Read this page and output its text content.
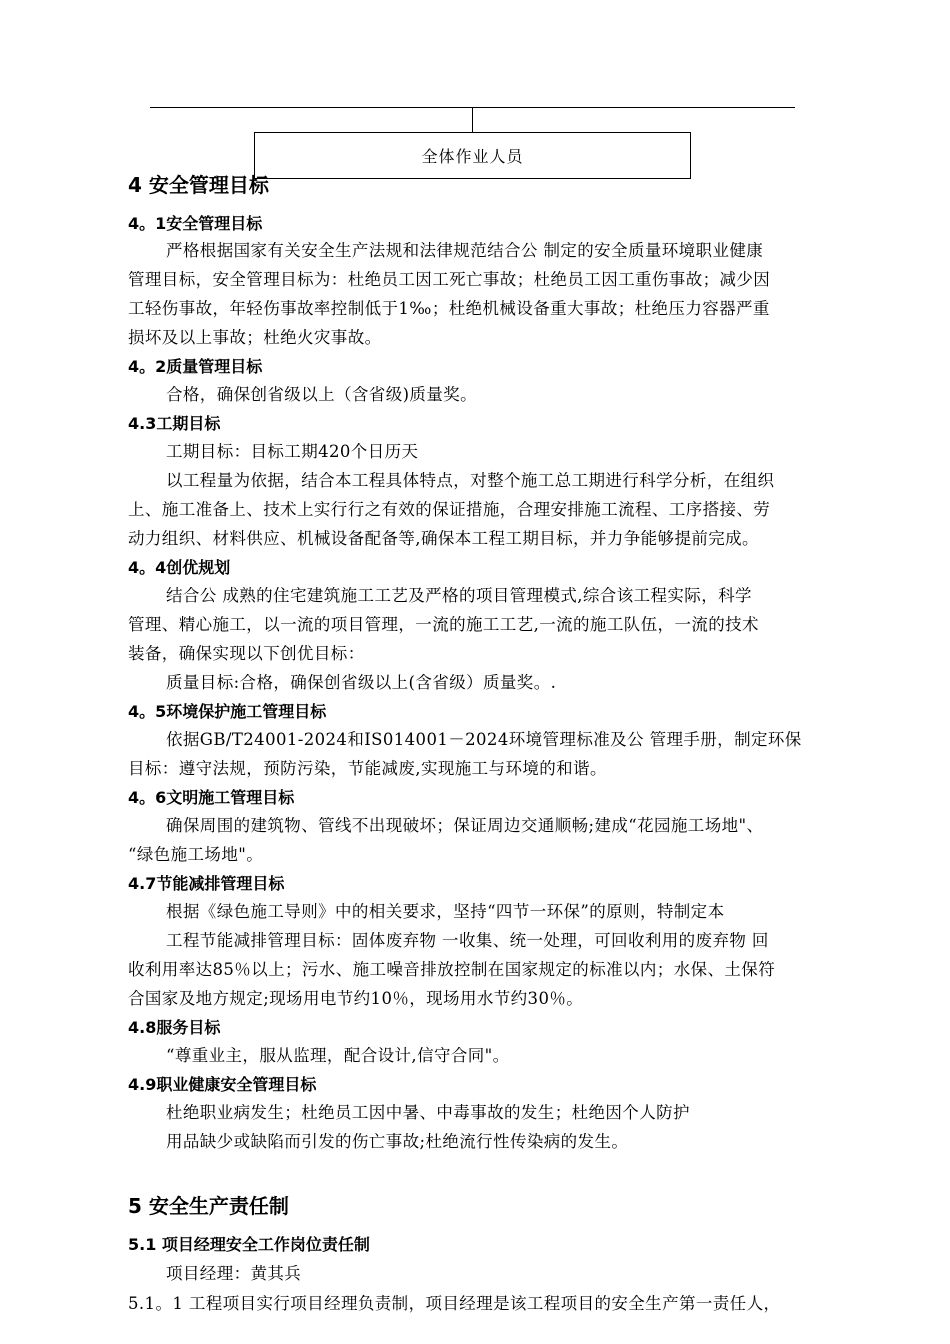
全体作业人员
4 安全管理目标
4。1安全管理目标
严格根据国家有关安全生产法规和法律规范结合公 制定的安全质量环境职业健康
管理目标，安全管理目标为：杜绝员工因工死亡事故；杜绝员工因工重伤事故；减少因
工轻伤事故，年轻伤事故率控制低于1‰；杜绝机械设备重大事故；杜绝压力容器严重
损坏及以上事故；杜绝火灾事故。
4。2质量管理目标
合格，确保创省级以上（含省级)质量奖。
4.3工期目标
工期目标：目标工期420个日历天
以工程量为依据，结合本工程具体特点，对整个施工总工期进行科学分析，在组织
上、施工准备上、技术上实行行之有效的保证措施，合理安排施工流程、工序搭接、劳
动力组织、材料供应、机械设备配备等,确保本工程工期目标，并力争能够提前完成。
4。4创优规划
结合公 成熟的住宅建筑施工工艺及严格的项目管理模式,综合该工程实际，科学
管理、精心施工，以一流的项目管理，一流的施工工艺,一流的施工队伍，一流的技术
装备，确保实现以下创优目标：
质量目标:合格，确保创省级以上(含省级）质量奖。.
4。5环境保护施工管理目标
依据GB/T24001-2024和IS014001－2024环境管理标准及公 管理手册，制定环保
目标：遵守法规，预防污染，节能减废,实现施工与环境的和谐。
4。6文明施工管理目标
确保周围的建筑物、管线不出现破坏；保证周边交通顺畅;建成“花园施工场地"、
“绿色施工场地"。
4.7节能减排管理目标
根据《绿色施工导则》中的相关要求，坚持“四节一环保”的原则，特制定本
工程节能减排管理目标：固体废弃物 一收集、统一处理，可回收利用的废弃物 回
收利用率达85％以上；污水、施工噪音排放控制在国家规定的标准以内；水保、土保符
合国家及地方规定;现场用电节约10％，现场用水节约30％。
4.8服务目标
“尊重业主，服从监理，配合设计,信守合同"。
4.9职业健康安全管理目标
杜绝职业病发生；杜绝员工因中暑、中毒事故的发生；杜绝因个人防护
用品缺少或缺陷而引发的伤亡事故;杜绝流行性传染病的发生。
5 安全生产责任制
5.1 项目经理安全工作岗位责任制
项目经理：黄其兵
5.1。1 工程项目实行项目经理负责制，项目经理是该工程项目的安全生产第一责任人，
